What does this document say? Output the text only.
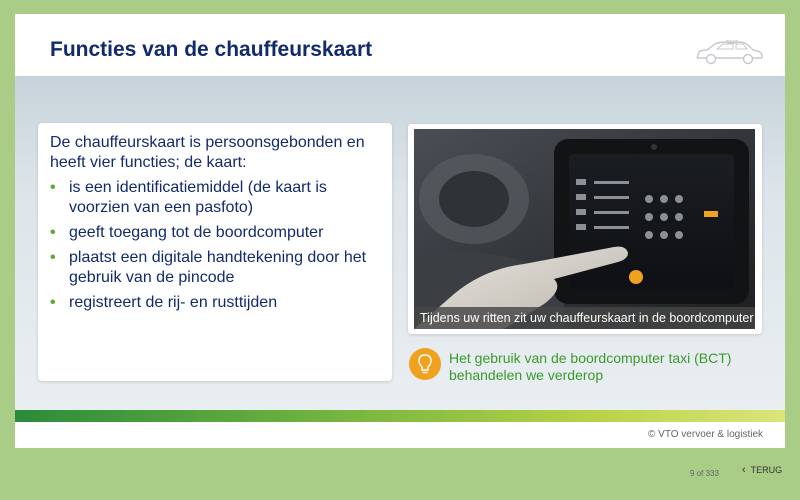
Functies van de chauffeurskaart

De chauffeurskaart is persoonsgebonden en heeft vier functies; de kaart:

• is een identificatiemiddel (de kaart is voorzien van een pasfoto)
• geeft toegang tot de boordcomputer
• plaatst een digitale handtekening door het gebruik van de pincode
• registreert de rij- en rusttijden
Tijdens uw ritten zit uw chauffeurskaart in de boordcomputer

Het gebruik van de boordcomputer taxi (BCT) behandelen we verderop

© VTO vervoer & logistiek
9 of 333 ‹ TERUG
